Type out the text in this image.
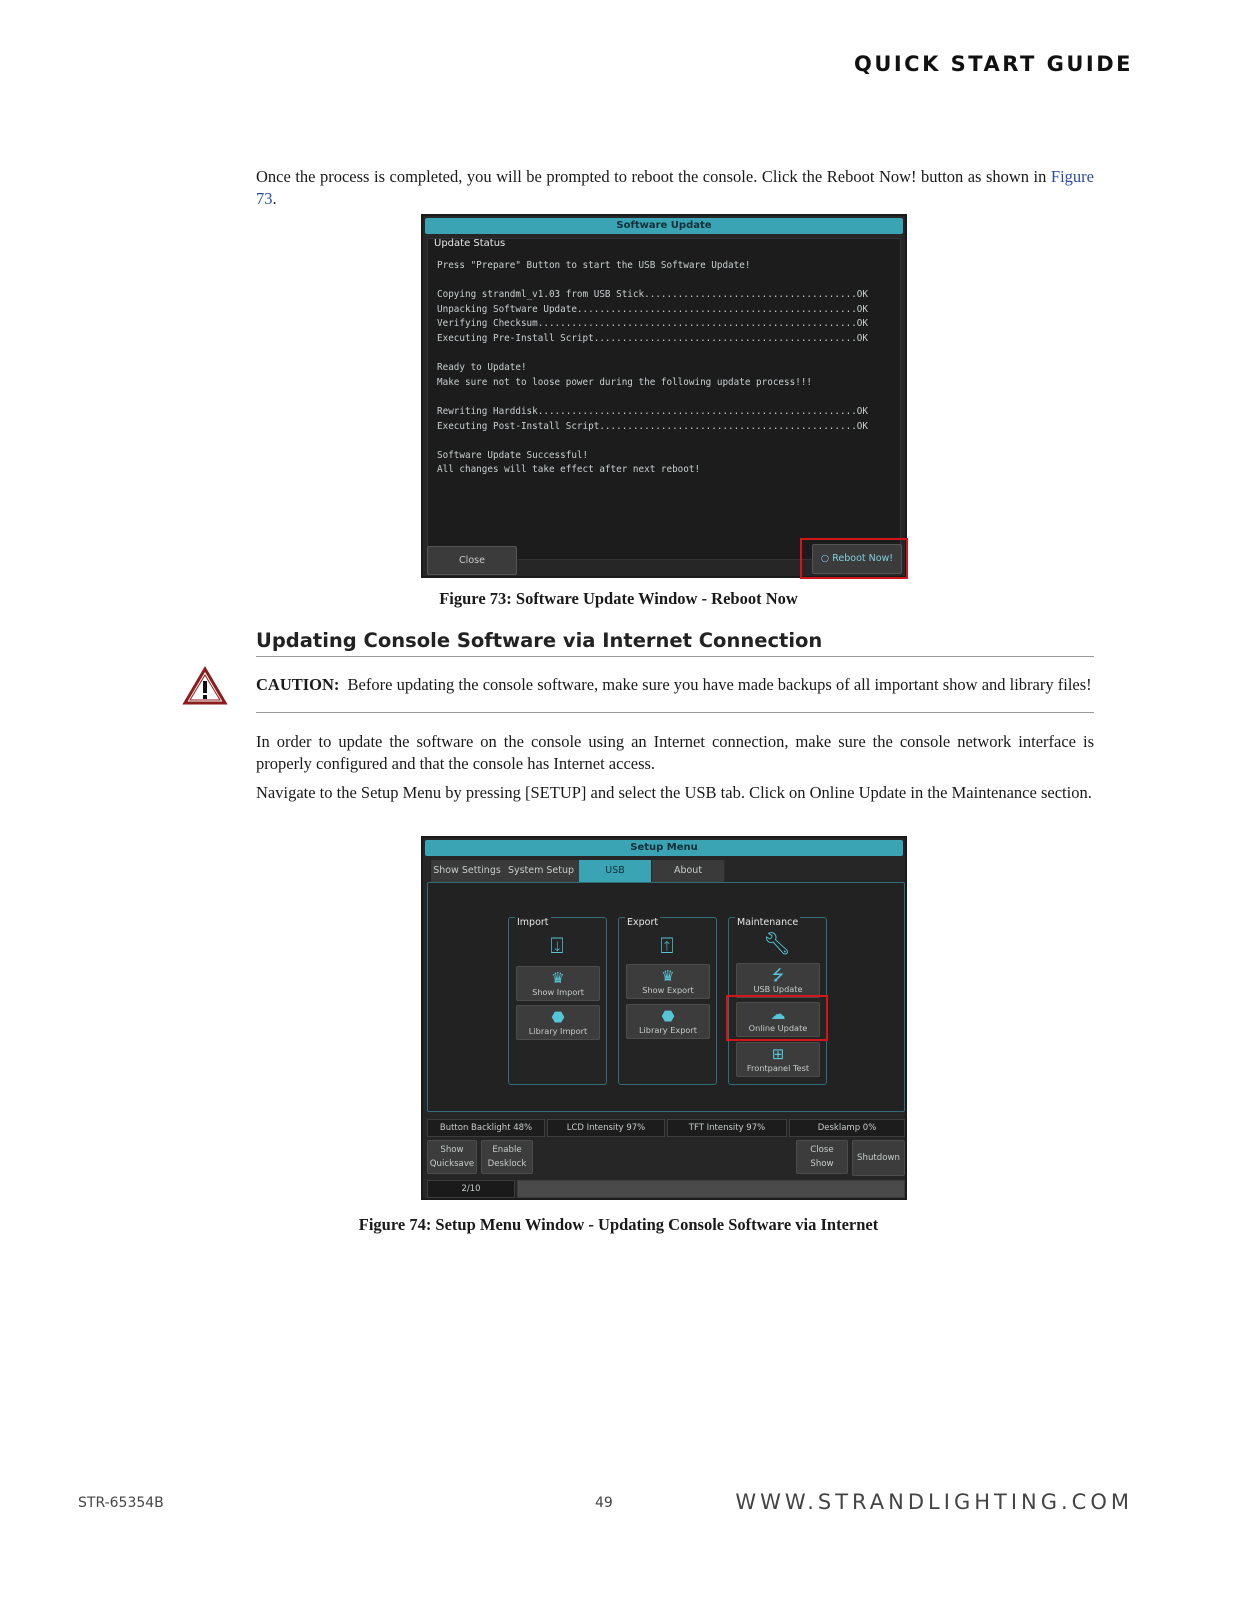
QUICK START GUIDE
Once the process is completed, you will be prompted to reboot the console. Click the Reboot Now! button as shown in Figure 73.
Software Update
Update Status
Press "Prepare" Button to start the USB Software Update!

Copying strandml_v1.03 from USB Stick......................................OK
Unpacking Software Update..................................................OK
Verifying Checksum.........................................................OK
Executing Pre-Install Script...............................................OK

Ready to Update!
Make sure not to loose power during the following update process!!!

Rewriting Harddisk.........................................................OK
Executing Post-Install Script..............................................OK

Software Update Successful!
All changes will take effect after next reboot!
Close	○ Reboot Now!
Figure 73: Software Update Window - Reboot Now
Updating Console Software via Internet Connection
CAUTION: Before updating the console software, make sure you have made backups of all important show and library files!
In order to update the software on the console using an Internet connection, make sure the console network interface is properly configured and that the console has Internet access.
Navigate to the Setup Menu by pressing [SETUP] and select the USB tab. Click on Online Update in the Maintenance section.
Setup Menu
Show Settings System Setup	USB	About
Import
⍗
♛
Show Import
⬣
Library Import
Export
⍐
♛
Show Export
⬣
Library Export
Maintenance
🔧︎
⭍
USB Update
☁
Online Update
⊞
Frontpanel Test
Button Backlight 48%	LCD Intensity 97%	TFT Intensity 97%	Desklamp 0%
Show
Quicksave
Enable
Desklock
Close
Show
Shutdown
2/10
Figure 74: Setup Menu Window - Updating Console Software via Internet
STR-65354B	49	WWW.STRANDLIGHTING.COM
